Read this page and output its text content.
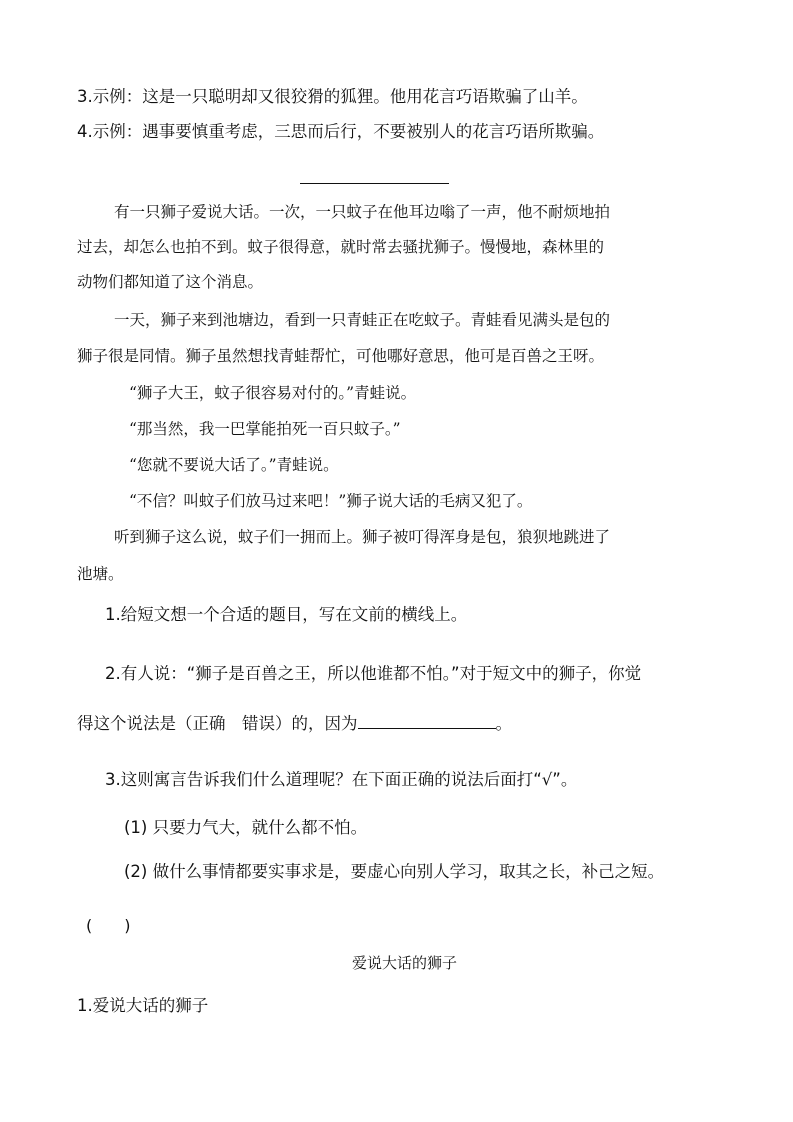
3.示例：这是一只聪明却又很狡猾的狐狸。他用花言巧语欺骗了山羊。
4.示例：遇事要慎重考虑，三思而后行，不要被别人的花言巧语所欺骗。
有一只狮子爱说大话。一次，一只蚊子在他耳边嗡了一声，他不耐烦地拍
过去，却怎么也拍不到。蚊子很得意，就时常去骚扰狮子。慢慢地，森林里的
动物们都知道了这个消息。
一天，狮子来到池塘边，看到一只青蛙正在吃蚊子。青蛙看见满头是包的
狮子很是同情。狮子虽然想找青蛙帮忙，可他哪好意思，他可是百兽之王呀。
“狮子大王，蚊子很容易对付的。”青蛙说。
“那当然，我一巴掌能拍死一百只蚊子。”
“您就不要说大话了。”青蛙说。
“不信？叫蚊子们放马过来吧！”狮子说大话的毛病又犯了。
听到狮子这么说，蚊子们一拥而上。狮子被叮得浑身是包，狼狈地跳进了
池塘。
1.给短文想一个合适的题目，写在文前的横线上。
2.有人说：“狮子是百兽之王，所以他谁都不怕。”对于短文中的狮子，你觉
得这个说法是（正确　错误）的，因为	。
3.这则寓言告诉我们什么道理呢？在下面正确的说法后面打“√”。
(1) 只要力气大，就什么都不怕。
(2) 做什么事情都要实事求是，要虚心向别人学习，取其之长，补己之短。
(　　)
爱说大话的狮子
1.爱说大话的狮子
